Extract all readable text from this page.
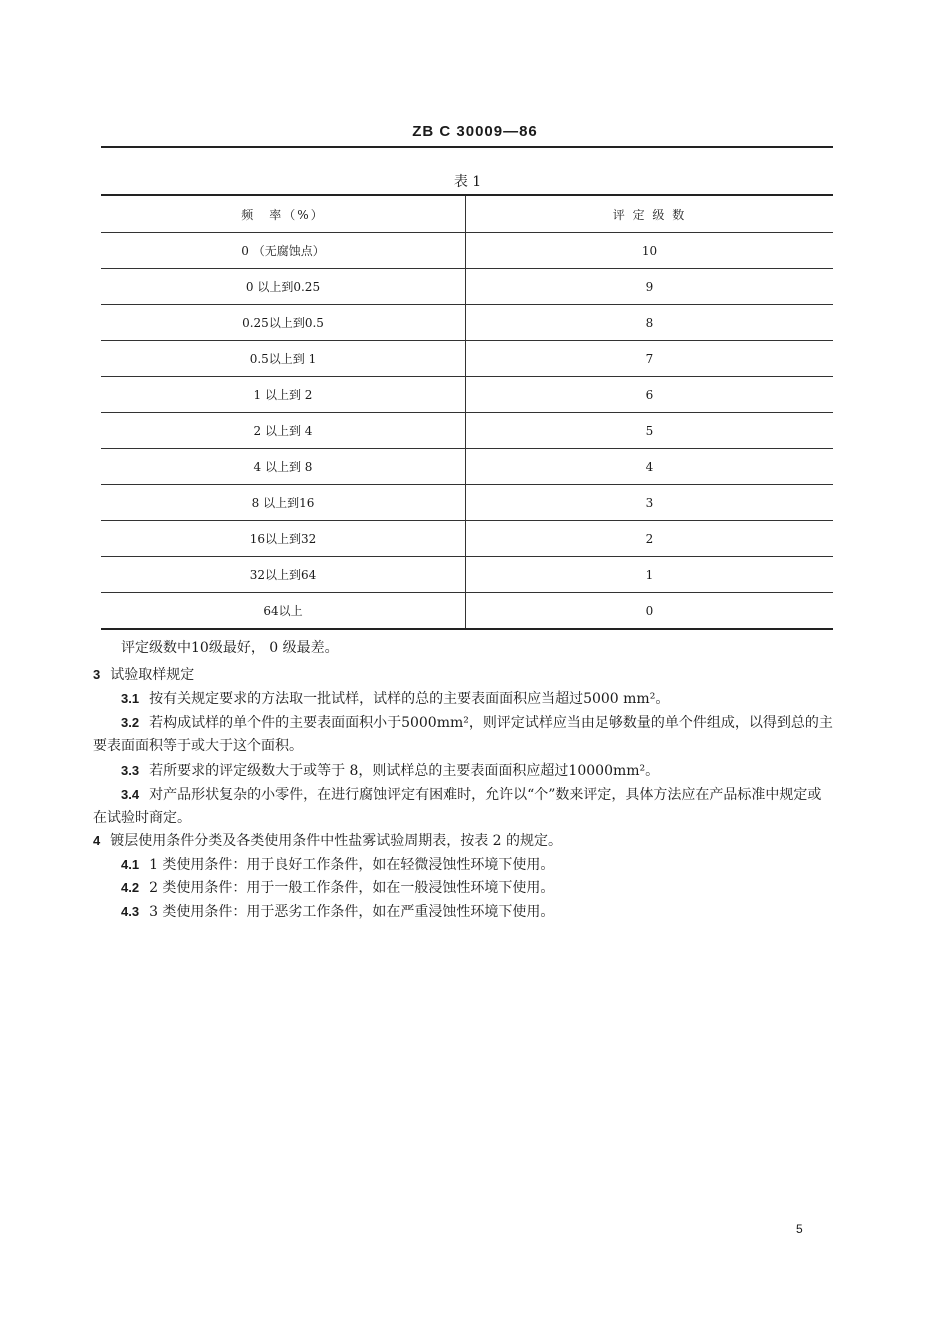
ZB C 30009—86
表 1
频　率（%）	评 定 级 数
0 （无腐蚀点）	10
0 以上到0.25	9
0.25以上到0.5	8
0.5以上到 1	7
1 以上到 2	6
2 以上到 4	5
4 以上到 8	4
8 以上到16	3
16以上到32	2
32以上到64	1
64以上	0
评定级数中10级最好， 0 级最差。
3 试验取样规定
3.1 按有关规定要求的方法取一批试样，试样的总的主要表面面积应当超过5000 mm²。
3.2 若构成试样的单个件的主要表面面积小于5000mm²，则评定试样应当由足够数量的单个件组成，以得到总的主要表面面积等于或大于这个面积。
3.3 若所要求的评定级数大于或等于 8，则试样总的主要表面面积应超过10000mm²。
3.4 对产品形状复杂的小零件，在进行腐蚀评定有困难时，允许以“个”数来评定，具体方法应在产品标准中规定或在试验时商定。
4 镀层使用条件分类及各类使用条件中性盐雾试验周期表，按表 2 的规定。
4.1 1 类使用条件：用于良好工作条件，如在轻微浸蚀性环境下使用。
4.2 2 类使用条件：用于一般工作条件，如在一般浸蚀性环境下使用。
4.3 3 类使用条件：用于恶劣工作条件，如在严重浸蚀性环境下使用。
5
